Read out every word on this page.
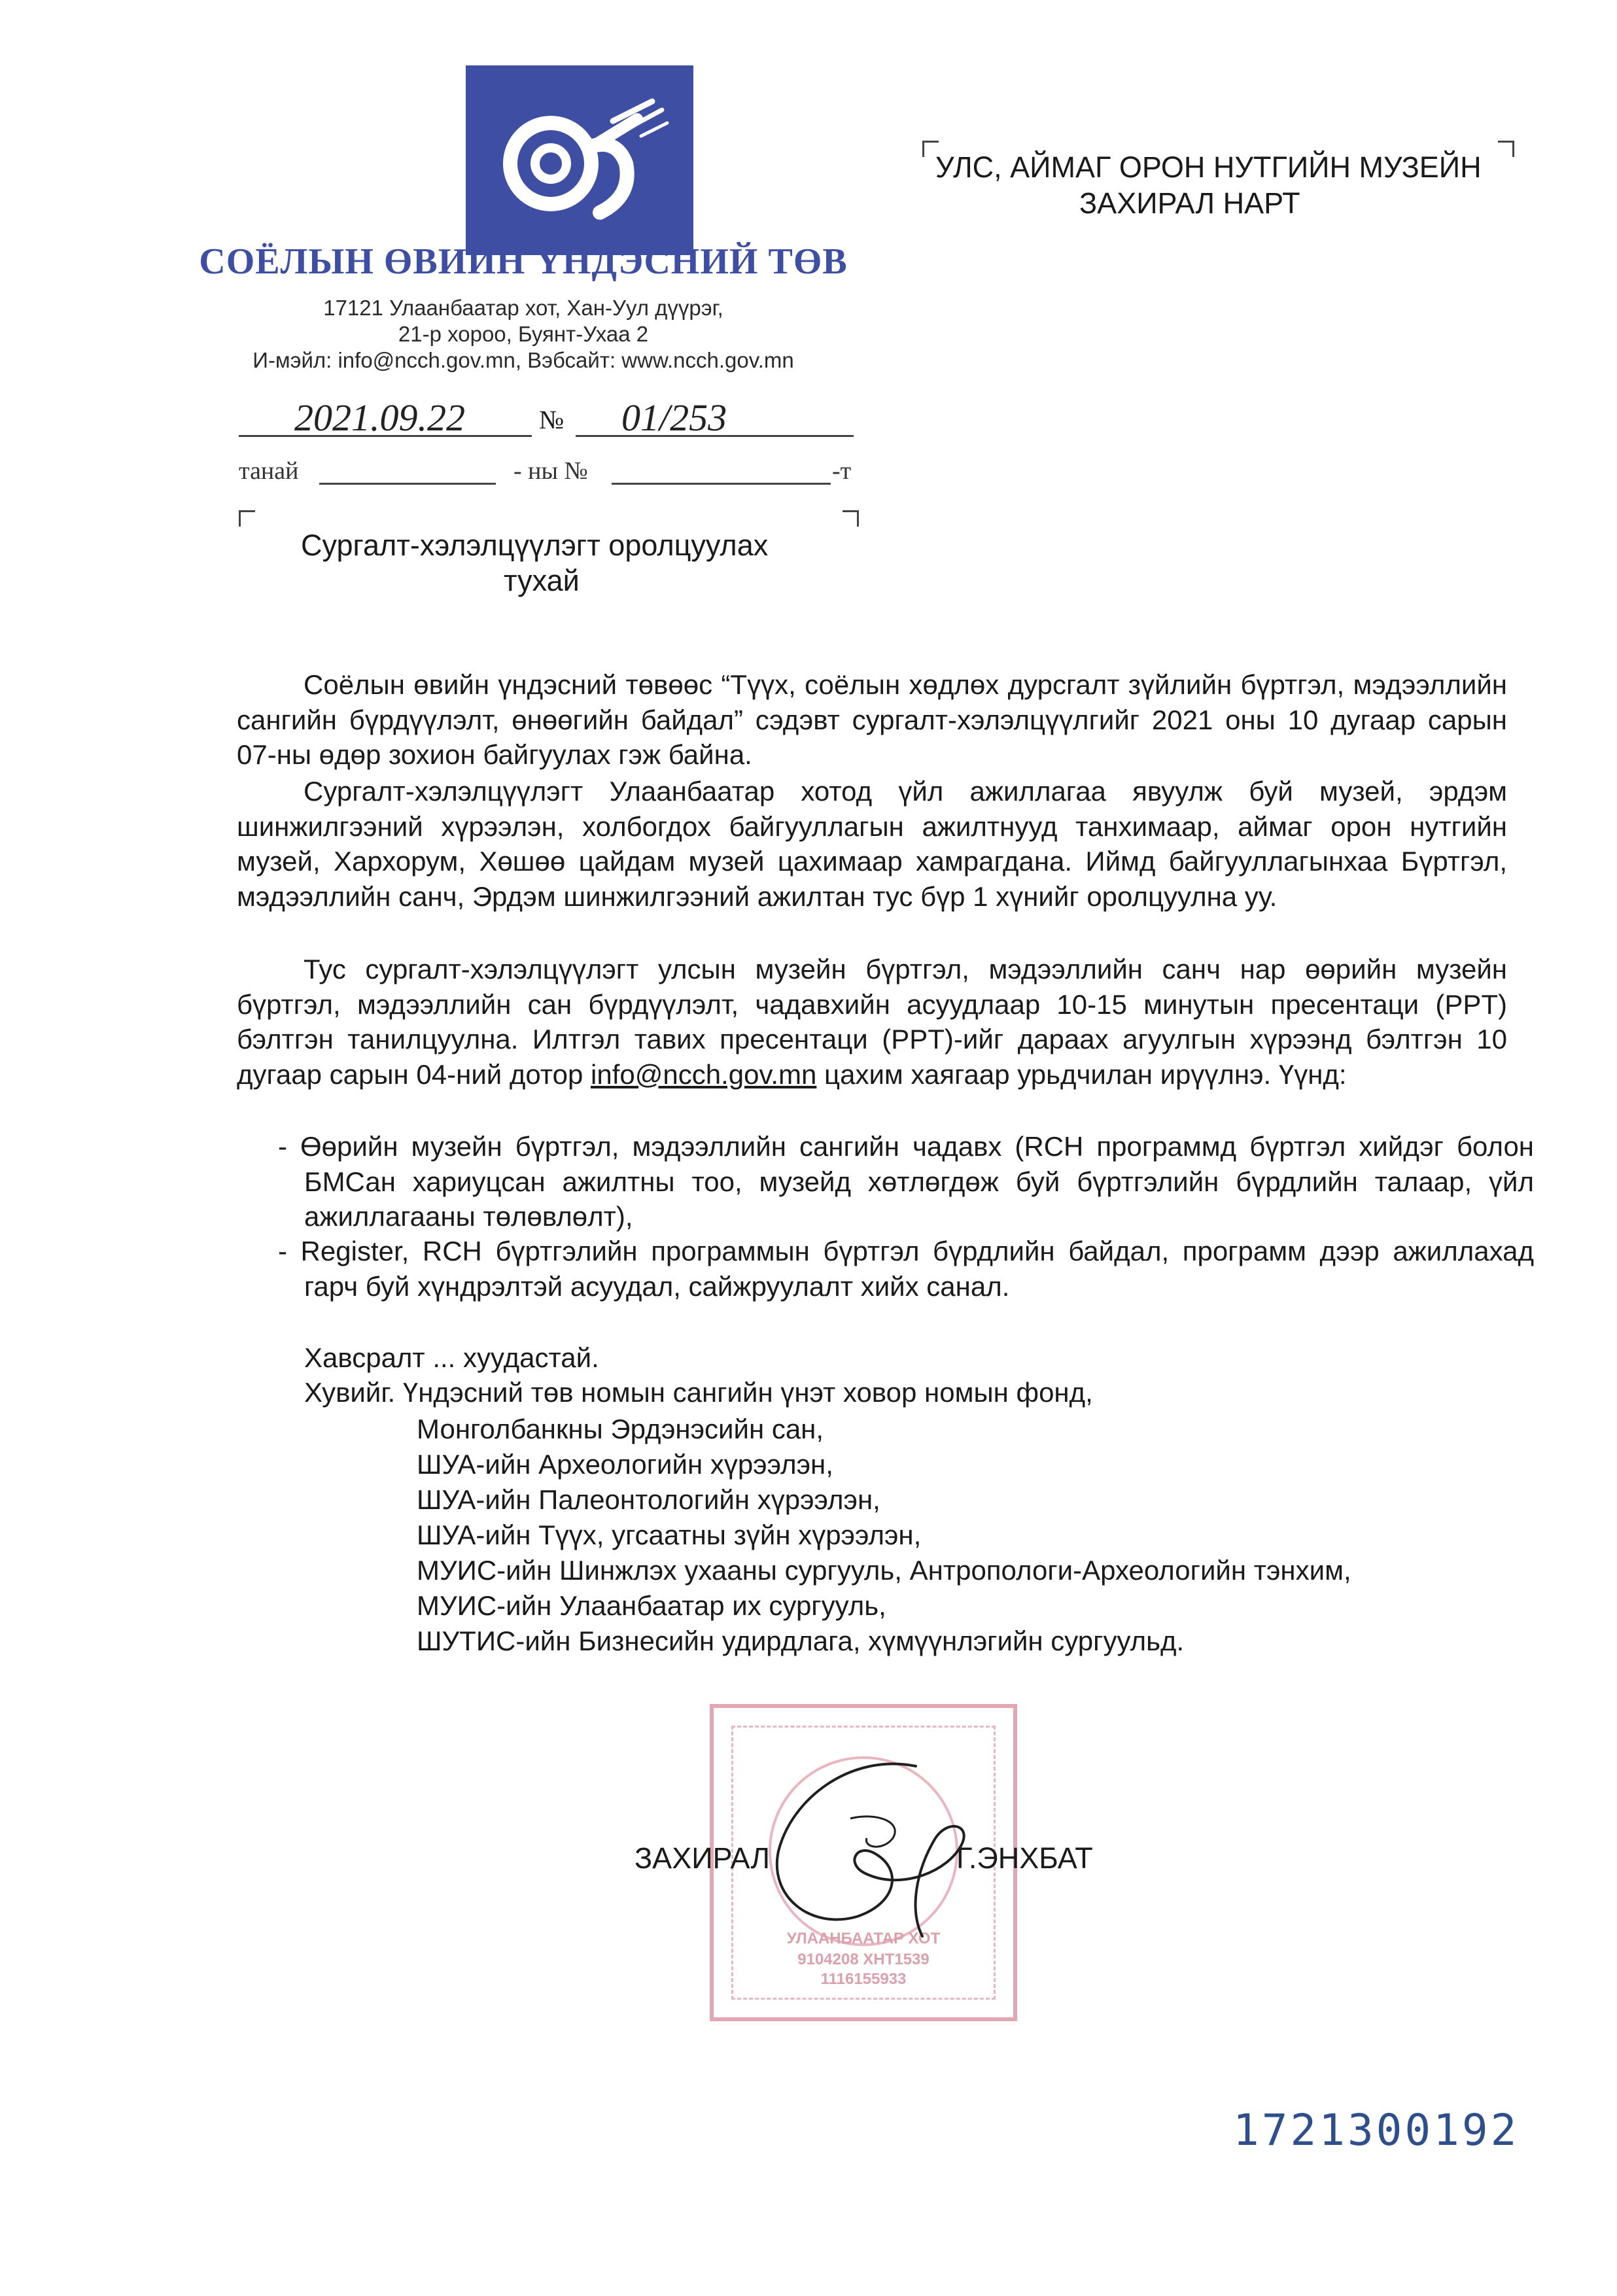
СОЁЛЫН ӨВИЙН ҮНДЭСНИЙ ТӨВ
17121 Улаанбаатар хот, Хан-Уул дүүрэг,
21-р хороо, Буянт-Ухаа 2
И-мэйл: info@ncch.gov.mn, Вэбсайт: www.ncch.gov.mn
2021.09.22	№ 01/253
танай	- ны №	-т
УЛС, АЙМАГ ОРОН НУТГИЙН МУЗЕЙН
ЗАХИРАЛ НАРТ
Сургалт-хэлэлцүүлэгт оролцуулах
тухай

Соёлын өвийн үндэсний төвөөс “Түүх, соёлын хөдлөх дурсгалт зүйлийн бүртгэл, мэдээллийн сангийн бүрдүүлэлт, өнөөгийн байдал” сэдэвт сургалт-хэлэлцүүлгийг 2021 оны 10 дугаар сарын 07-ны өдөр зохион байгуулах гэж байна.

Сургалт-хэлэлцүүлэгт Улаанбаатар хотод үйл ажиллагаа явуулж буй музей, эрдэм шинжилгээний хүрээлэн, холбогдох байгууллагын ажилтнууд танхимаар, аймаг орон нутгийн музей, Хархорум, Хөшөө цайдам музей цахимаар хамрагдана. Иймд байгууллагынхаа Бүртгэл, мэдээллийн санч, Эрдэм шинжилгээний ажилтан тус бүр 1 хүнийг оролцуулна уу.

Тус сургалт-хэлэлцүүлэгт улсын музейн бүртгэл, мэдээллийн санч нар өөрийн музейн бүртгэл, мэдээллийн сан бүрдүүлэлт, чадавхийн асуудлаар 10-15 минутын пресентаци (PPT) бэлтгэн танилцуулна. Илтгэл тавих пресентаци (PPT)-ийг дараах агуулгын хүрээнд бэлтгэн 10 дугаар сарын 04-ний дотор info@ncch.gov.mn цахим хаягаар урьдчилан ирүүлнэ. Үүнд:

- Өөрийн музейн бүртгэл, мэдээллийн сангийн чадавх (RCH программд бүртгэл хийдэг болон БМСан хариуцсан ажилтны тоо, музейд хөтлөгдөж буй бүртгэлийн бүрдлийн талаар, үйл ажиллагааны төлөвлөлт),

- Register, RCH бүртгэлийн программын бүртгэл бүрдлийн байдал, программ дээр ажиллахад гарч буй хүндрэлтэй асуудал, сайжруулалт хийх санал.

Хавсралт ... хуудастай.
Хувийг. Үндэсний төв номын сангийн үнэт ховор номын фонд,
Монголбанкны Эрдэнэсийн сан,
ШУА-ийн Археологийн хүрээлэн,
ШУА-ийн Палеонтологийн хүрээлэн,
ШУА-ийн Түүх, угсаатны зүйн хүрээлэн,
МУИС-ийн Шинжлэх ухааны сургууль, Антропологи-Археологийн тэнхим,
МУИС-ийн Улаанбаатар их сургууль,
ШУТИС-ийн Бизнесийн удирдлага, хүмүүнлэгийн сургуульд.
УЛААНБААТАР ХОТ
9104208 ХНТ1539
1116155933
ЗАХИРАЛ	Г.ЭНХБАТ
1721300192
